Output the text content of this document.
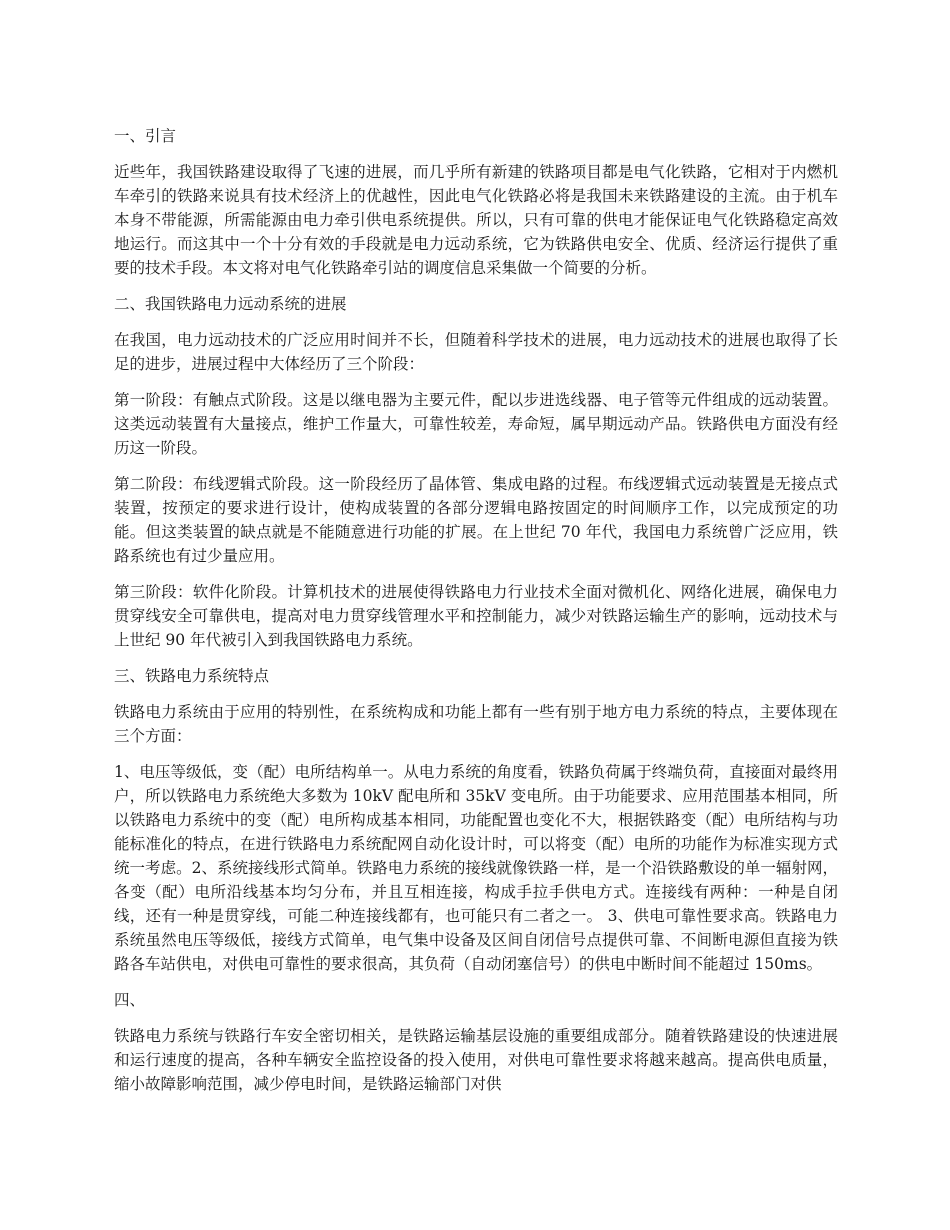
一、引言

近些年，我国铁路建设取得了飞速的进展，而几乎所有新建的铁路项目都是电气化铁路，它相对于内燃机车牵引的铁路来说具有技术经济上的优越性，因此电气化铁路必将是我国未来铁路建设的主流。由于机车本身不带能源，所需能源由电力牵引供电系统提供。所以，只有可靠的供电才能保证电气化铁路稳定高效地运行。而这其中一个十分有效的手段就是电力远动系统，它为铁路供电安全、优质、经济运行提供了重要的技术手段。本文将对电气化铁路牵引站的调度信息采集做一个简要的分析。

二、我国铁路电力远动系统的进展

在我国，电力远动技术的广泛应用时间并不长，但随着科学技术的进展，电力远动技术的进展也取得了长足的进步，进展过程中大体经历了三个阶段：

第一阶段：有触点式阶段。这是以继电器为主要元件，配以步进选线器、电子管等元件组成的远动装置。这类远动装置有大量接点，维护工作量大，可靠性较差，寿命短，属早期远动产品。铁路供电方面没有经历这一阶段。

第二阶段：布线逻辑式阶段。这一阶段经历了晶体管、集成电路的过程。布线逻辑式远动装置是无接点式装置，按预定的要求进行设计，使构成装置的各部分逻辑电路按固定的时间顺序工作，以完成预定的功能。但这类装置的缺点就是不能随意进行功能的扩展。在上世纪 70 年代，我国电力系统曾广泛应用，铁路系统也有过少量应用。

第三阶段：软件化阶段。计算机技术的进展使得铁路电力行业技术全面对微机化、网络化进展，确保电力贯穿线安全可靠供电，提高对电力贯穿线管理水平和控制能力，减少对铁路运输生产的影响，远动技术与上世纪 90 年代被引入到我国铁路电力系统。

三、铁路电力系统特点

铁路电力系统由于应用的特别性，在系统构成和功能上都有一些有别于地方电力系统的特点，主要体现在三个方面：

1、电压等级低，变（配）电所结构单一。从电力系统的角度看，铁路负荷属于终端负荷，直接面对最终用户，所以铁路电力系统绝大多数为 10kV 配电所和 35kV 变电所。由于功能要求、应用范围基本相同，所以铁路电力系统中的变（配）电所构成基本相同，功能配置也变化不大，根据铁路变（配）电所结构与功能标准化的特点，在进行铁路电力系统配网自动化设计时，可以将变（配）电所的功能作为标准实现方式统一考虑。2、系统接线形式简单。铁路电力系统的接线就像铁路一样，是一个沿铁路敷设的单一辐射网，各变（配）电所沿线基本均匀分布，并且互相连接，构成手拉手供电方式。连接线有两种：一种是自闭线，还有一种是贯穿线，可能二种连接线都有，也可能只有二者之一。 3、供电可靠性要求高。铁路电力系统虽然电压等级低，接线方式简单，电气集中设备及区间自闭信号点提供可靠、不间断电源但直接为铁路各车站供电，对供电可靠性的要求很高，其负荷（自动闭塞信号）的供电中断时间不能超过 150ms。

四、

铁路电力系统与铁路行车安全密切相关，是铁路运输基层设施的重要组成部分。随着铁路建设的快速进展和运行速度的提高，各种车辆安全监控设备的投入使用，对供电可靠性要求将越来越高。提高供电质量，缩小故障影响范围，减少停电时间，是铁路运输部门对供
